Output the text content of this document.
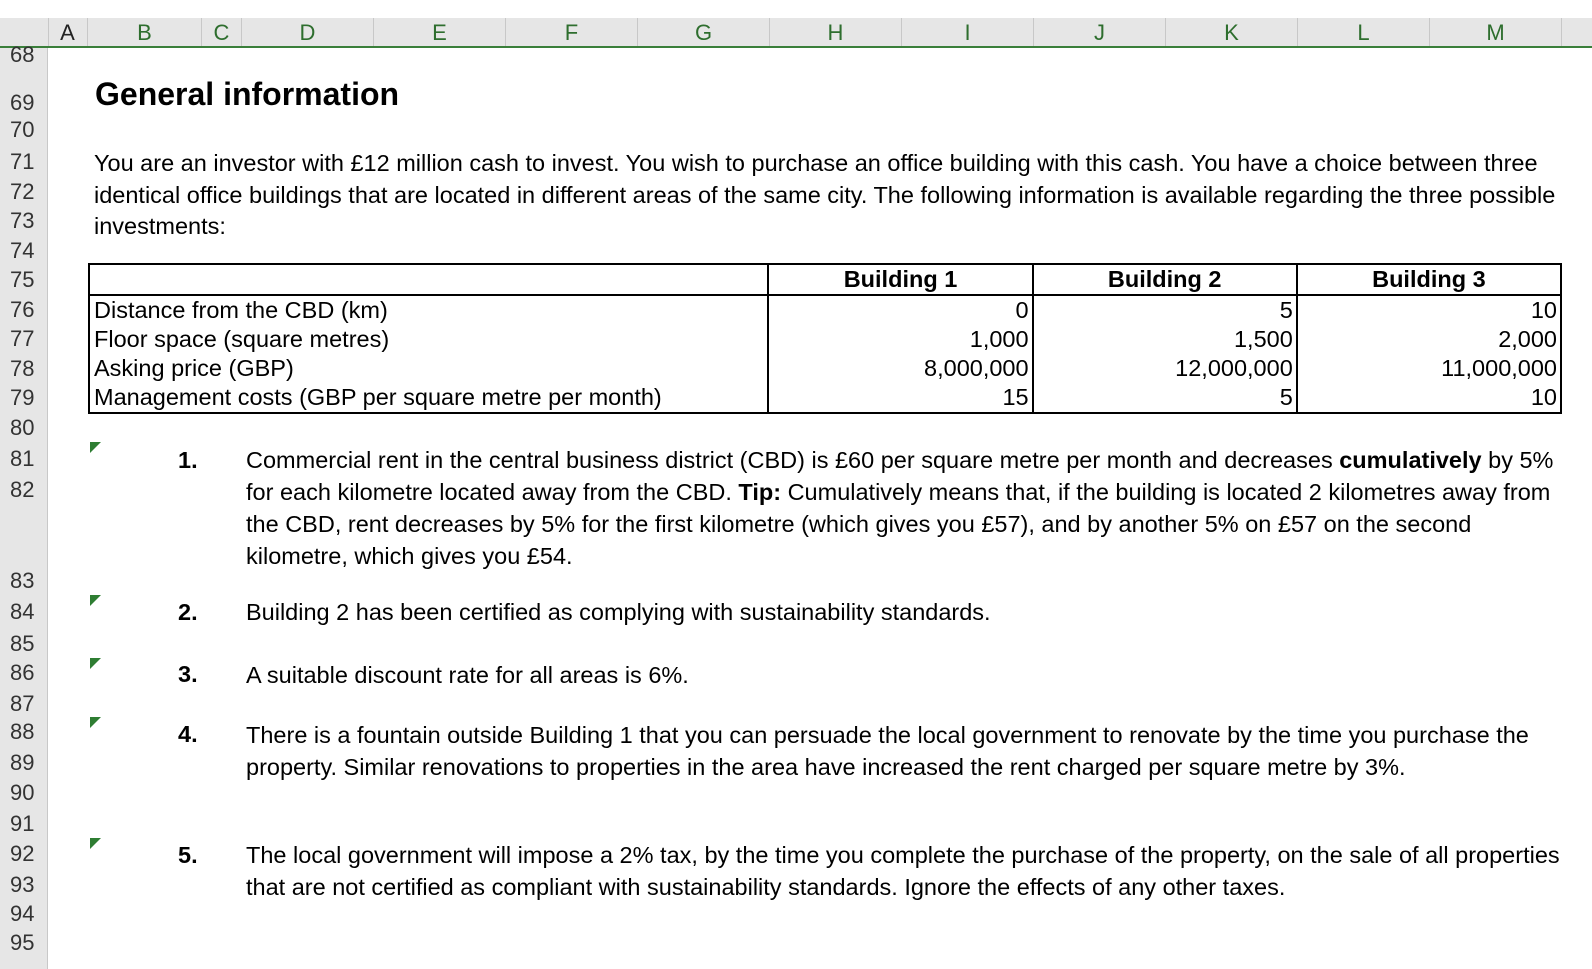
A	B	C	D	E	F	G	H	I	J	K	L	M
68
69
70
71
72
73
74
75
76
77
78
79
80
81
82
83
84
85
86
87
88
89
90
91
92
93
94
95
General information
You are an investor with £12 million cash to invest. You wish to purchase an office building with this cash. You have a choice between three identical office buildings that are located in different areas of the same city. The following information is available regarding the three possible investments:
	Building 1	Building 2	Building 3
Distance from the CBD (km)	0	5	10
Floor space (square metres)	1,000	1,500	2,000
Asking price (GBP)	8,000,000	12,000,000	11,000,000
Management costs (GBP per square metre per month)	15	5	10
1. Commercial rent in the central business district (CBD) is £60 per square metre per month and decreases cumulatively by 5% for each kilometre located away from the CBD. Tip: Cumulatively means that, if the building is located 2 kilometres away from the CBD, rent decreases by 5% for the first kilometre (which gives you £57), and by another 5% on £57 on the second kilometre, which gives you £54.
2. Building 2 has been certified as complying with sustainability standards.
3. A suitable discount rate for all areas is 6%.
4. There is a fountain outside Building 1 that you can persuade the local government to renovate by the time you purchase the property. Similar renovations to properties in the area have increased the rent charged per square metre by 3%.
5. The local government will impose a 2% tax, by the time you complete the purchase of the property, on the sale of all properties that are not certified as compliant with sustainability standards. Ignore the effects of any other taxes.
